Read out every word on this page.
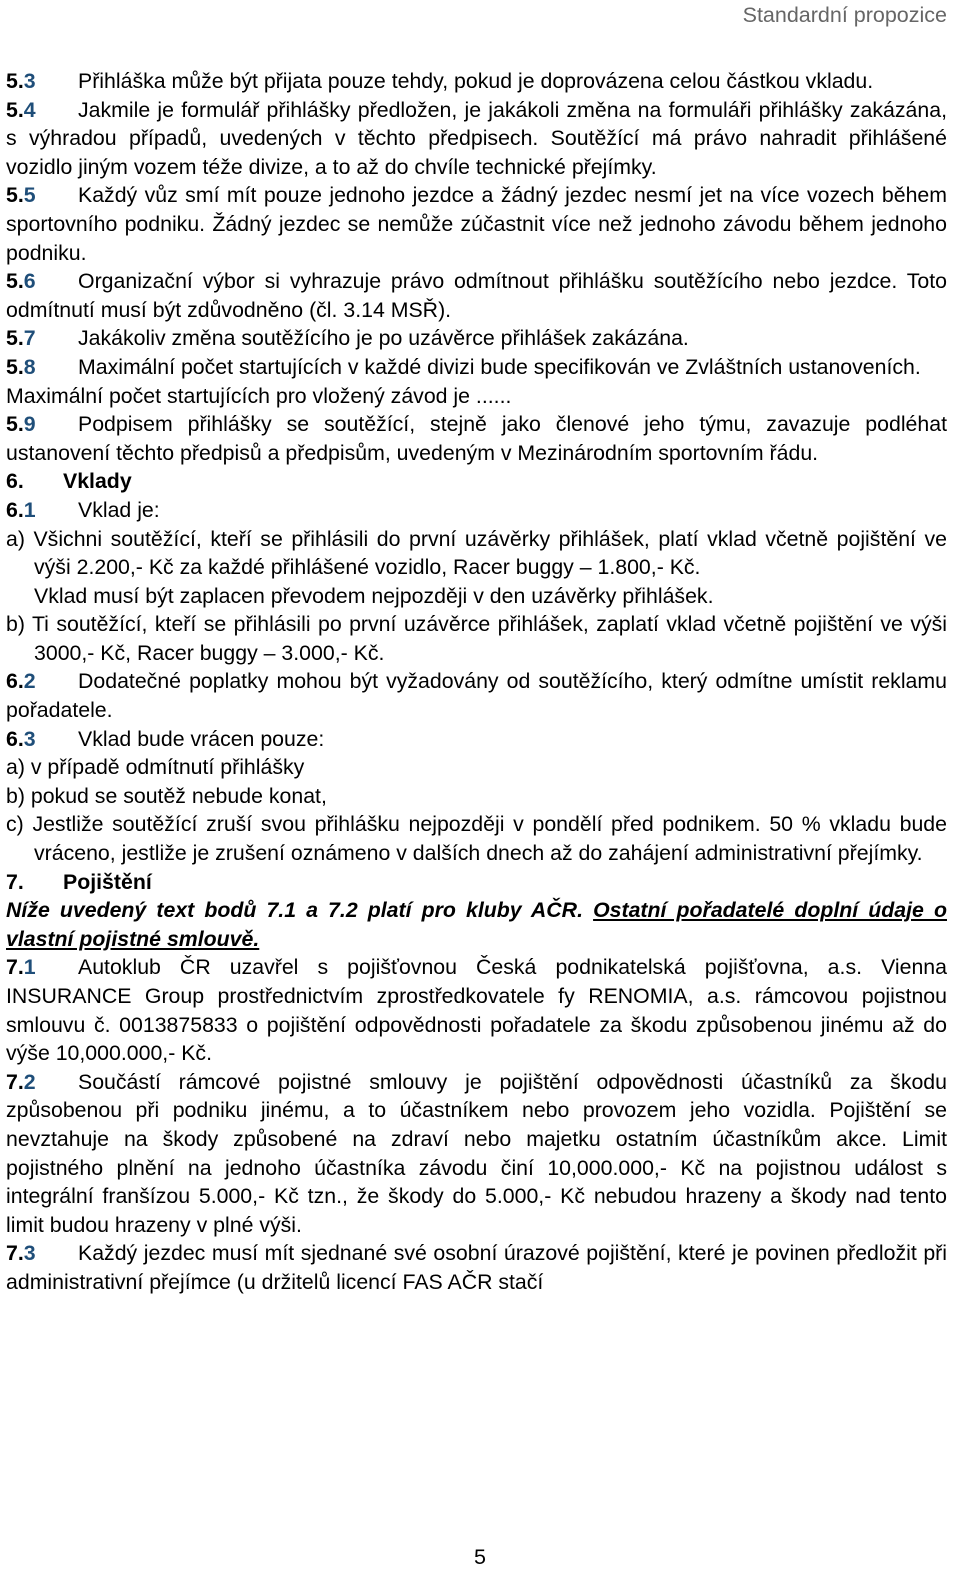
Standardní propozice

5.3 Přihláška může být přijata pouze tehdy, pokud je doprovázena celou částkou vkladu.

5.4 Jakmile je formulář přihlášky předložen, je jakákoli změna na formuláři přihlášky zakázána, s výhradou případů, uvedených v těchto předpisech. Soutěžící má právo nahradit přihlášené vozidlo jiným vozem téže divize, a to až do chvíle technické přejímky.

5.5 Každý vůz smí mít pouze jednoho jezdce a žádný jezdec nesmí jet na více vozech během sportovního podniku. Žádný jezdec se nemůže zúčastnit více než jednoho závodu během jednoho podniku.

5.6 Organizační výbor si vyhrazuje právo odmítnout přihlášku soutěžícího nebo jezdce. Toto odmítnutí musí být zdůvodněno (čl. 3.14 MSŘ).

5.7 Jakákoliv změna soutěžícího je po uzávěrce přihlášek zakázána.

5.8 Maximální počet startujících v každé divizi bude specifikován ve Zvláštních ustanoveních.

Maximální počet startujících pro vložený závod je ......

5.9 Podpisem přihlášky se soutěžící, stejně jako členové jeho týmu, zavazuje podléhat ustanovení těchto předpisů a předpisům, uvedeným v Mezinárodním sportovním řádu.

6. Vklady

6.1 Vklad je:

a) Všichni soutěžící, kteří se přihlásili do první uzávěrky přihlášek, platí vklad včetně pojištění ve výši 2.200,- Kč za každé přihlášené vozidlo, Racer buggy – 1.800,- Kč.

Vklad musí být zaplacen převodem nejpozději v den uzávěrky přihlášek.

b) Ti soutěžící, kteří se přihlásili po první uzávěrce přihlášek, zaplatí vklad včetně pojištění ve výši 3000,- Kč, Racer buggy – 3.000,- Kč.

6.2 Dodatečné poplatky mohou být vyžadovány od soutěžícího, který odmítne umístit reklamu pořadatele.

6.3 Vklad bude vrácen pouze:

a) v případě odmítnutí přihlášky

b) pokud se soutěž nebude konat,

c) Jestliže soutěžící zruší svou přihlášku nejpozději v pondělí před podnikem. 50 % vkladu bude vráceno, jestliže je zrušení oznámeno v dalších dnech až do zahájení administrativní přejímky.

7. Pojištění

Níže uvedený text bodů 7.1 a 7.2 platí pro kluby AČR. Ostatní pořadatelé doplní údaje o vlastní pojistné smlouvě.

7.1 Autoklub ČR uzavřel s pojišťovnou Česká podnikatelská pojišťovna, a.s. Vienna INSURANCE Group prostřednictvím zprostředkovatele fy RENOMIA, a.s. rámcovou pojistnou smlouvu č. 0013875833 o pojištění odpovědnosti pořadatele za škodu způsobenou jinému až do výše 10,000.000,- Kč.

7.2 Součástí rámcové pojistné smlouvy je pojištění odpovědnosti účastníků za škodu způsobenou při podniku jinému, a to účastníkem nebo provozem jeho vozidla. Pojištění se nevztahuje na škody způsobené na zdraví nebo majetku ostatním účastníkům akce. Limit pojistného plnění na jednoho účastníka závodu činí 10,000.000,- Kč na pojistnou událost s integrální franšízou 5.000,- Kč tzn., že škody do 5.000,- Kč nebudou hrazeny a škody nad tento limit budou hrazeny v plné výši.

7.3 Každý jezdec musí mít sjednané své osobní úrazové pojištění, které je povinen předložit při administrativní přejímce (u držitelů licencí FAS AČR stačí

5
